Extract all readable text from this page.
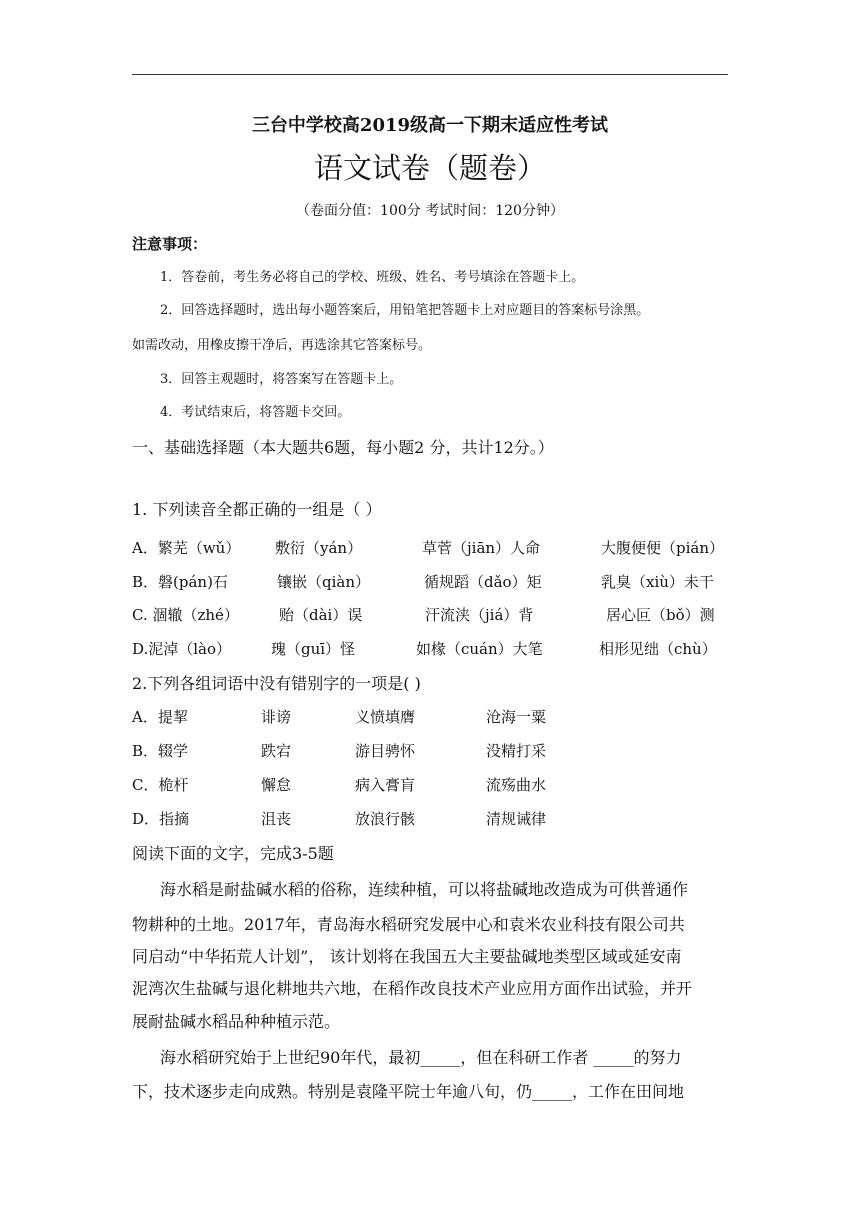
三台中学校高2019级高一下期末适应性考试
语文试卷（题卷）
（卷面分值：100分 考试时间：120分钟）
注意事项：
1．答卷前，考生务必将自己的学校、班级、姓名、考号填涂在答题卡上。
2．回答选择题时，选出每小题答案后，用铅笔把答题卡上对应题目的答案标号涂黑。
如需改动，用橡皮擦干净后，再选涂其它答案标号。
3．回答主观题时，将答案写在答题卡上。
4．考试结束后，将答题卡交回。
一、基础选择题（本大题共6题，每小题2 分，共计12分。）
1. 下列读音全都正确的一组是（ ）
A．繁芜（wǔ） 敷衍（yán）	草菅（jiān）人命	大腹便便（pián）
B．磐(pán)石	镶嵌（qiàn）	循规蹈（dǎo）矩	乳臭（xiù）未干
C. 涸辙（zhé）	贻（dài）误	汗流浃（jiá）背	居心叵（bǒ）测
D.泥淖（lào）	瑰（guī）怪	如椽（cuán）大笔	相形见绌（chù）
2.下列各组词语中没有错别字的一项是( )
A．提挈	诽谤	义愤填膺	沧海一粟
B．辍学	跌宕	游目骋怀	没精打采
C．桅杆	懈怠	病入膏肓	流殇曲水
D．指摘	沮丧	放浪行骸	清规诫律
阅读下面的文字，完成3-5题
海水稻是耐盐碱水稻的俗称，连续种植，可以将盐碱地改造成为可供普通作
物耕种的土地。2017年，青岛海水稻研究发展中心和袁米农业科技有限公司共
同启动“中华拓荒人计划”， 该计划将在我国五大主要盐碱地类型区域或延安南
泥湾次生盐碱与退化耕地共六地，在稻作改良技术产业应用方面作出试验，并开
展耐盐碱水稻品种种植示范。
海水稻研究始于上世纪90年代，最初_____，但在科研工作者 _____的努力
下，技术逐步走向成熟。特别是袁隆平院士年逾八旬，仍_____，工作在田间地
